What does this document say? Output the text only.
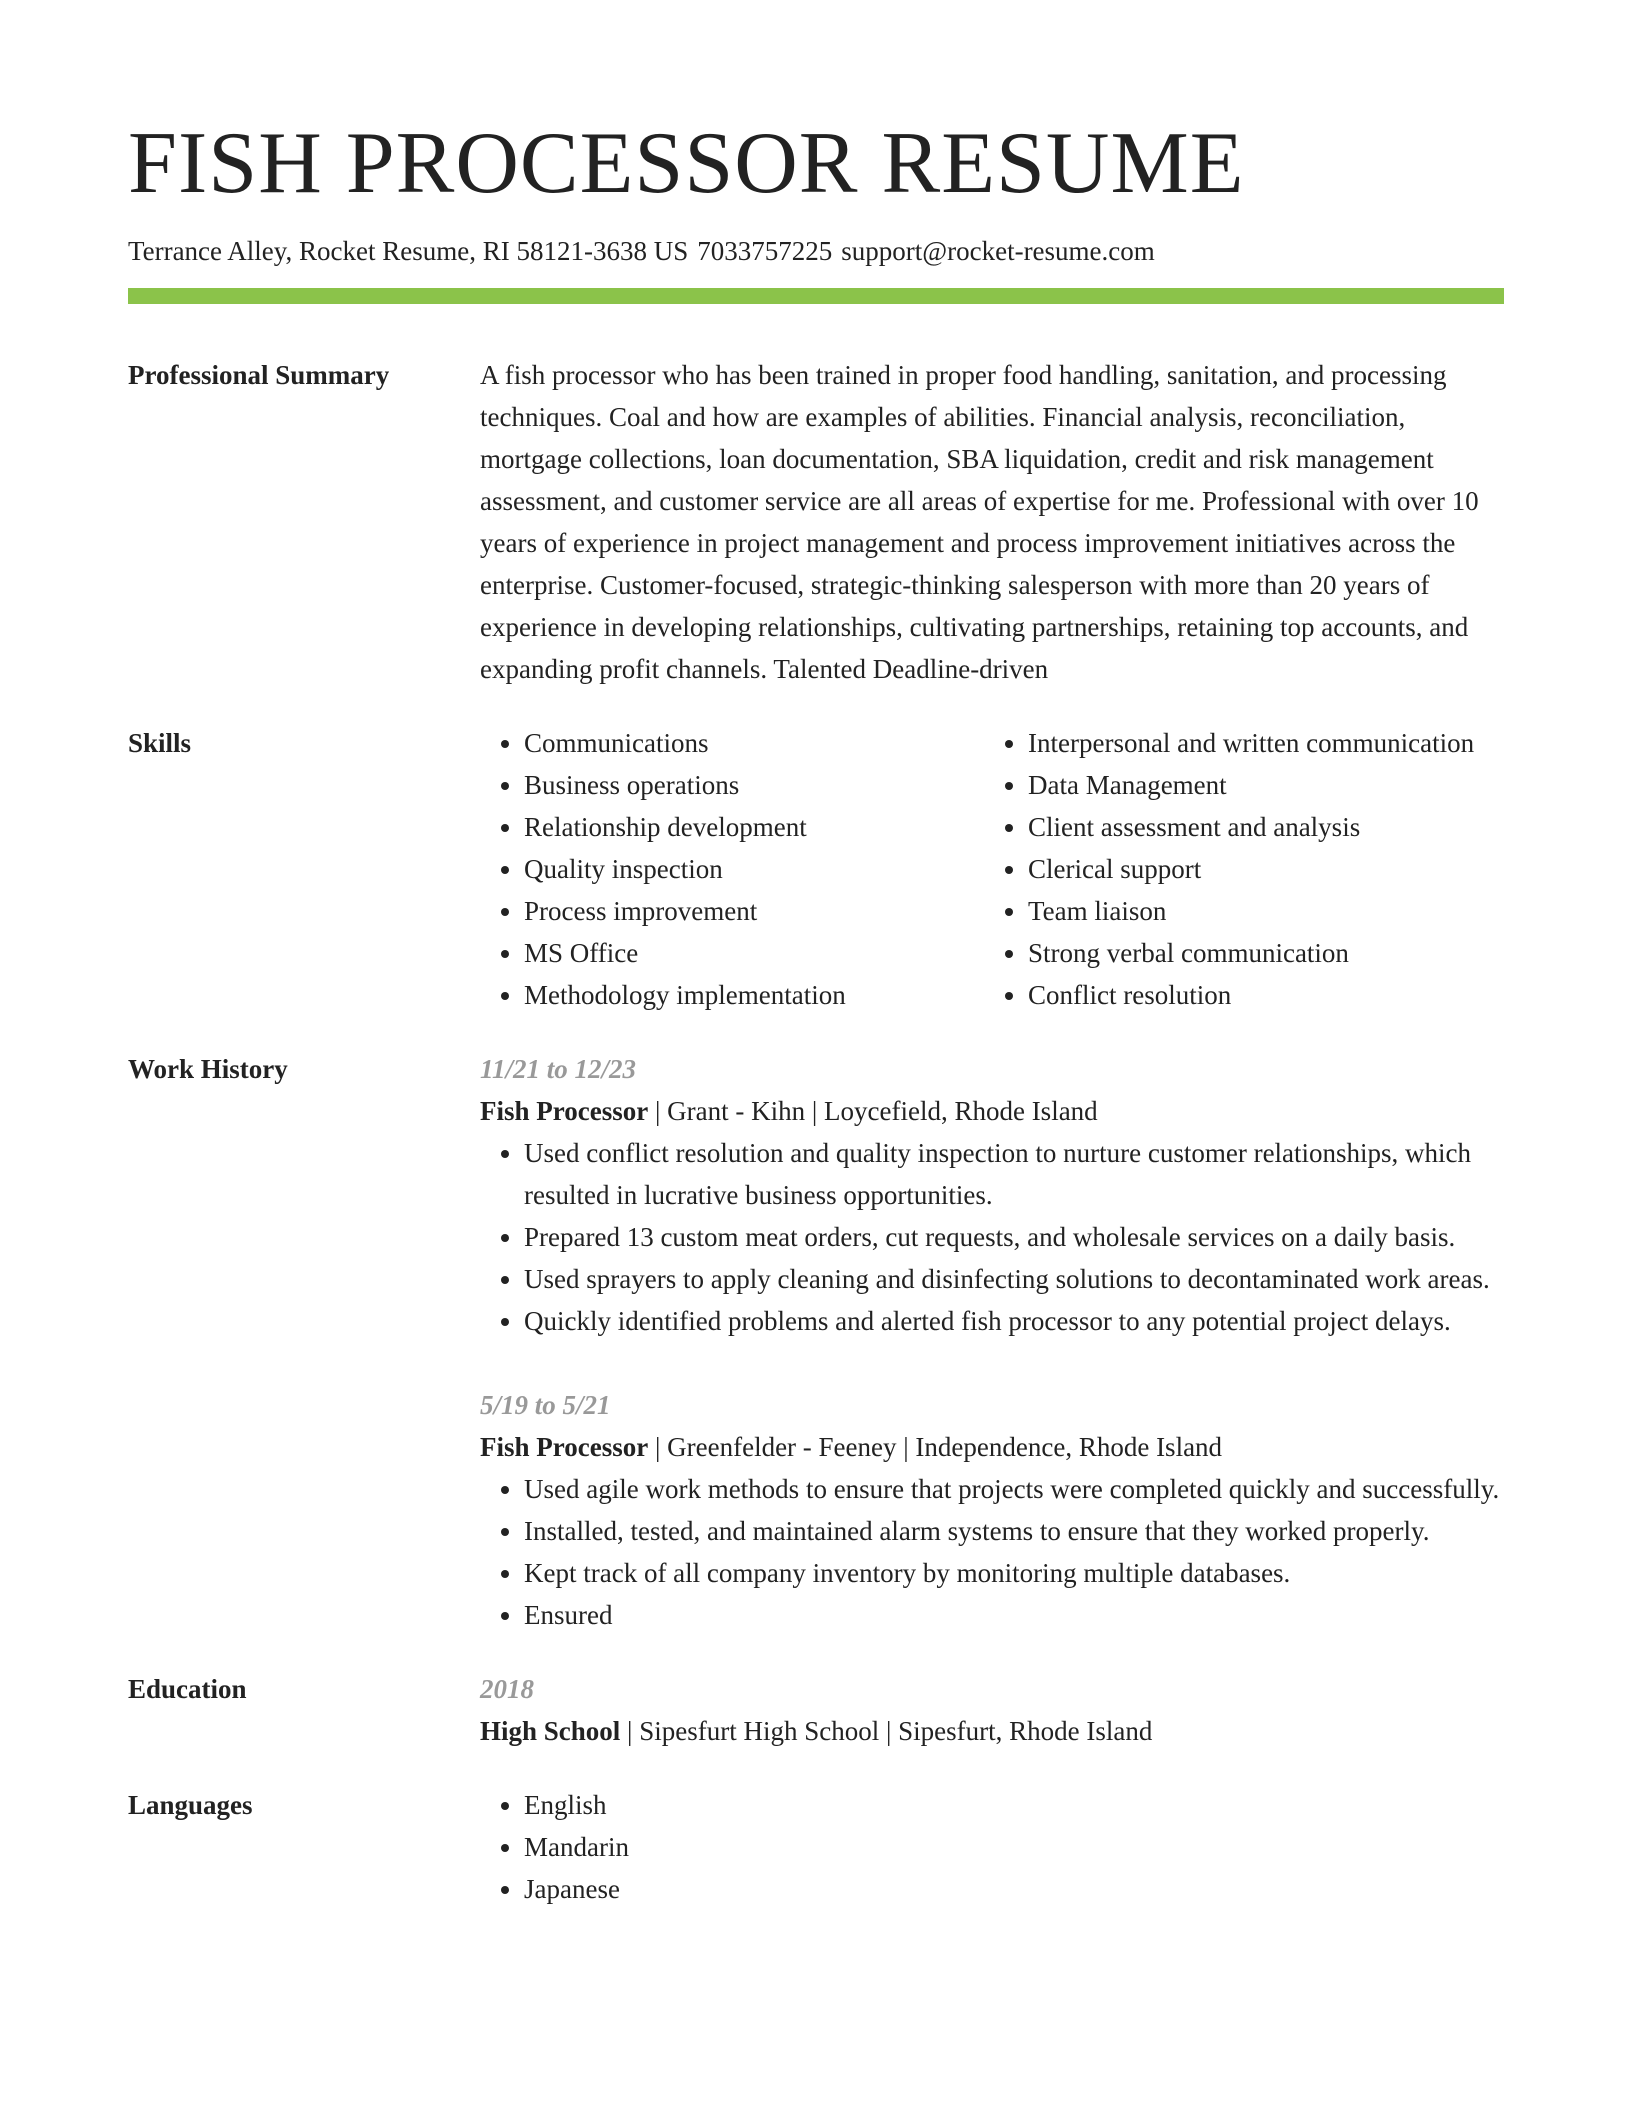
FISH PROCESSOR RESUME
Terrance Alley, Rocket Resume, RI 58121-3638 US 7033757225 support@rocket-resume.com
Professional Summary	A fish processor who has been trained in proper food handling, sanitation, and processing techniques. Coal and how are examples of abilities. Financial analysis, reconciliation, mortgage collections, loan documentation, SBA liquidation, credit and risk management assessment, and customer service are all areas of expertise for me. Professional with over 10 years of experience in project management and process improvement initiatives across the enterprise. Customer-focused, strategic-thinking salesperson with more than 20 years of experience in developing relationships, cultivating partnerships, retaining top accounts, and expanding profit channels. Talented Deadline-driven

Skills	• Communications
• Business operations
• Relationship development
• Quality inspection
• Process improvement
• MS Office
• Methodology implementation
• Interpersonal and written communication
• Data Management
• Client assessment and analysis
• Clerical support
• Team liaison
• Strong verbal communication
• Conflict resolution
Work History	11/21 to 12/23
Fish Processor | Grant - Kihn | Loycefield, Rhode Island
• Used conflict resolution and quality inspection to nurture customer relationships, which resulted in lucrative business opportunities.
• Prepared 13 custom meat orders, cut requests, and wholesale services on a daily basis.
• Used sprayers to apply cleaning and disinfecting solutions to decontaminated work areas.
• Quickly identified problems and alerted fish processor to any potential project delays.
5/19 to 5/21
Fish Processor | Greenfelder - Feeney | Independence, Rhode Island
• Used agile work methods to ensure that projects were completed quickly and successfully.
• Installed, tested, and maintained alarm systems to ensure that they worked properly.
• Kept track of all company inventory by monitoring multiple databases.
• Ensured
Education	2018
High School | Sipesfurt High School | Sipesfurt, Rhode Island
Languages	• English
• Mandarin
• Japanese
